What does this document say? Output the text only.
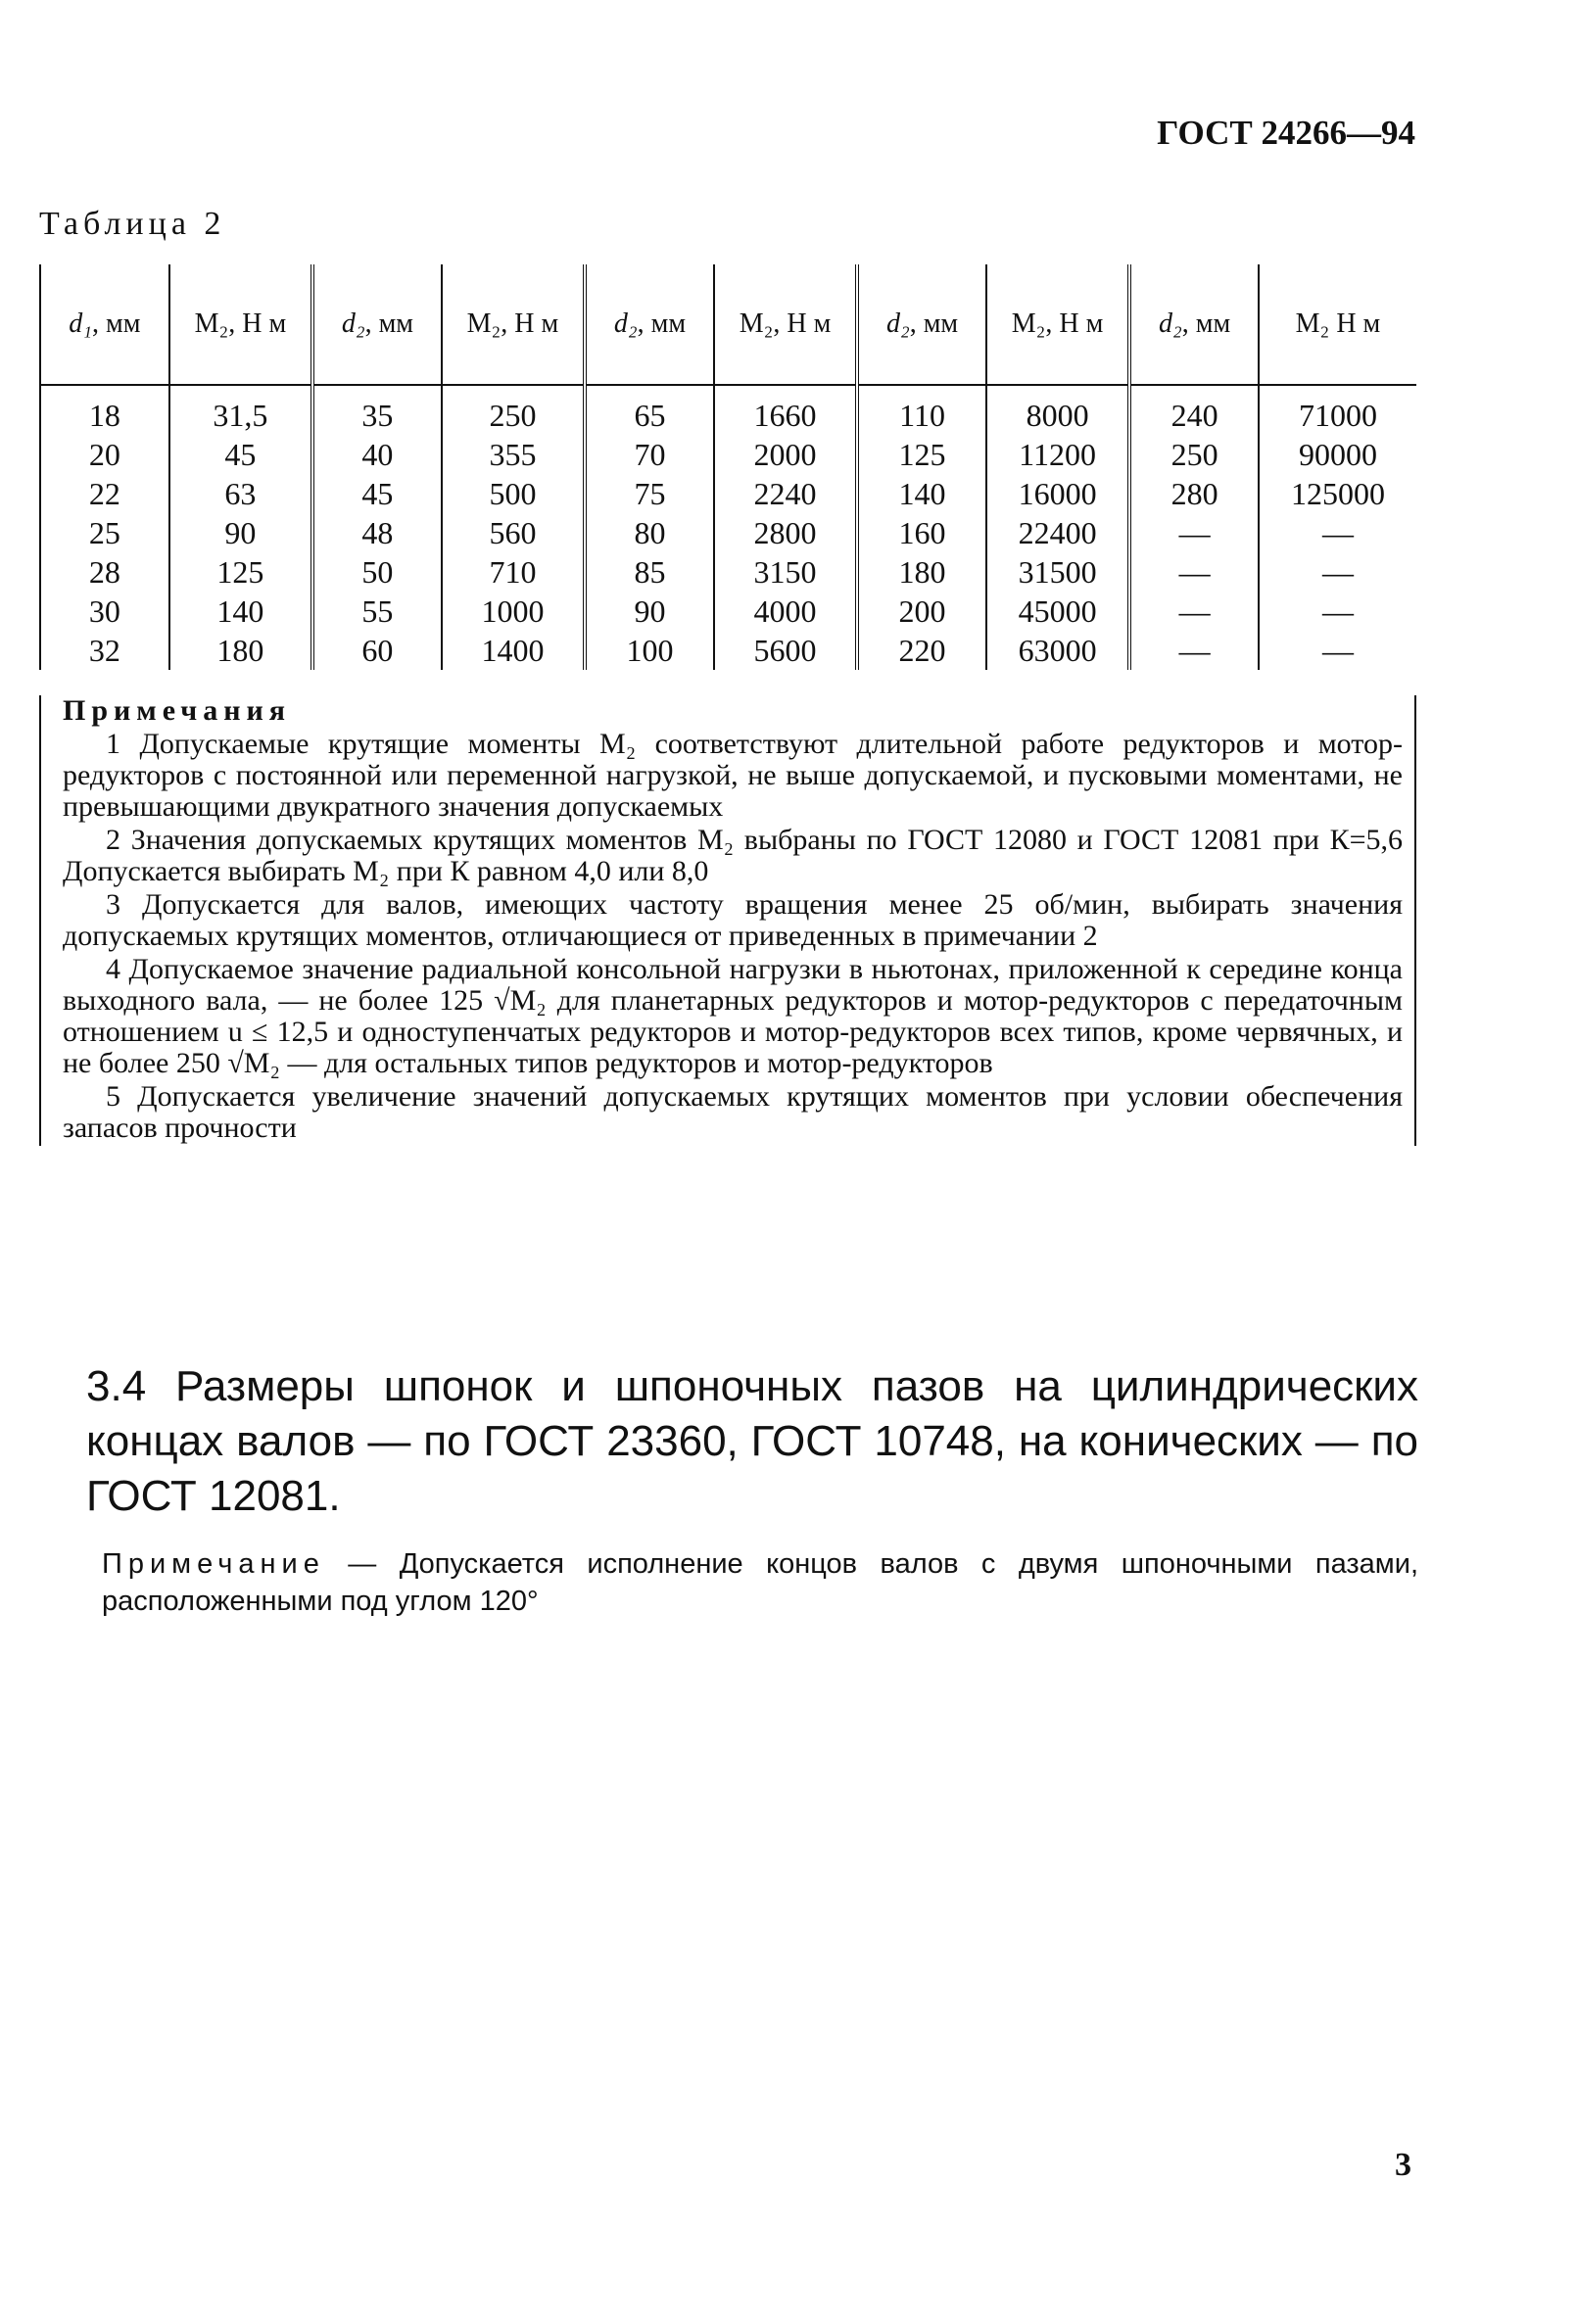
ГОСТ 24266—94
Таблица 2
d₁, мм	M₂, Н м	d₂, мм	M₂, Н м	d₂, мм	M₂, Н м	d₂, мм	M₂, Н м	d₂, мм	M₂ Н м
18	31,5	35	250	65	1660	110	8000	240	71000
20	45	40	355	70	2000	125	11200	250	90000
22	63	45	500	75	2240	140	16000	280	125000
25	90	48	560	80	2800	160	22400	—	—
28	125	50	710	85	3150	180	31500	—	—
30	140	55	1000	90	4000	200	45000	—	—
32	180	60	1400	100	5600	220	63000	—	—
Примечания

1 Допускаемые крутящие моменты М₂ соответствуют длительной работе редукторов и мотор-редукторов с постоянной или переменной нагрузкой, не выше допускаемой, и пусковыми моментами, не превышающими двукратного значения допускаемых

2 Значения допускаемых крутящих моментов М₂ выбраны по ГОСТ 12080 и ГОСТ 12081 при К=5,6 Допускается выбирать М₂ при К равном 4,0 или 8,0

3 Допускается для валов, имеющих частоту вращения менее 25 об/мин, выбирать значения допускаемых крутящих моментов, отличающиеся от приведенных в примечании 2

4 Допускаемое значение радиальной консольной нагрузки в ньютонах, приложенной к середине конца выходного вала, — не более 125 √M₂ для планетарных редукторов и мотор-редукторов с передаточным отношением u ≤ 12,5 и одноступенчатых редукторов и мотор-редукторов всех типов, кроме червячных, и не более 250 √M₂ — для остальных типов редукторов и мотор-редукторов

5 Допускается увеличение значений допускаемых крутящих моментов при условии обеспечения запасов прочности

3.4 Размеры шпонок и шпоночных пазов на цилиндрических концах валов — по ГОСТ 23360, ГОСТ 10748, на конических — по ГОСТ 12081.
Примечание — Допускается исполнение концов валов с двумя шпоночными пазами, расположенными под углом 120°
3
